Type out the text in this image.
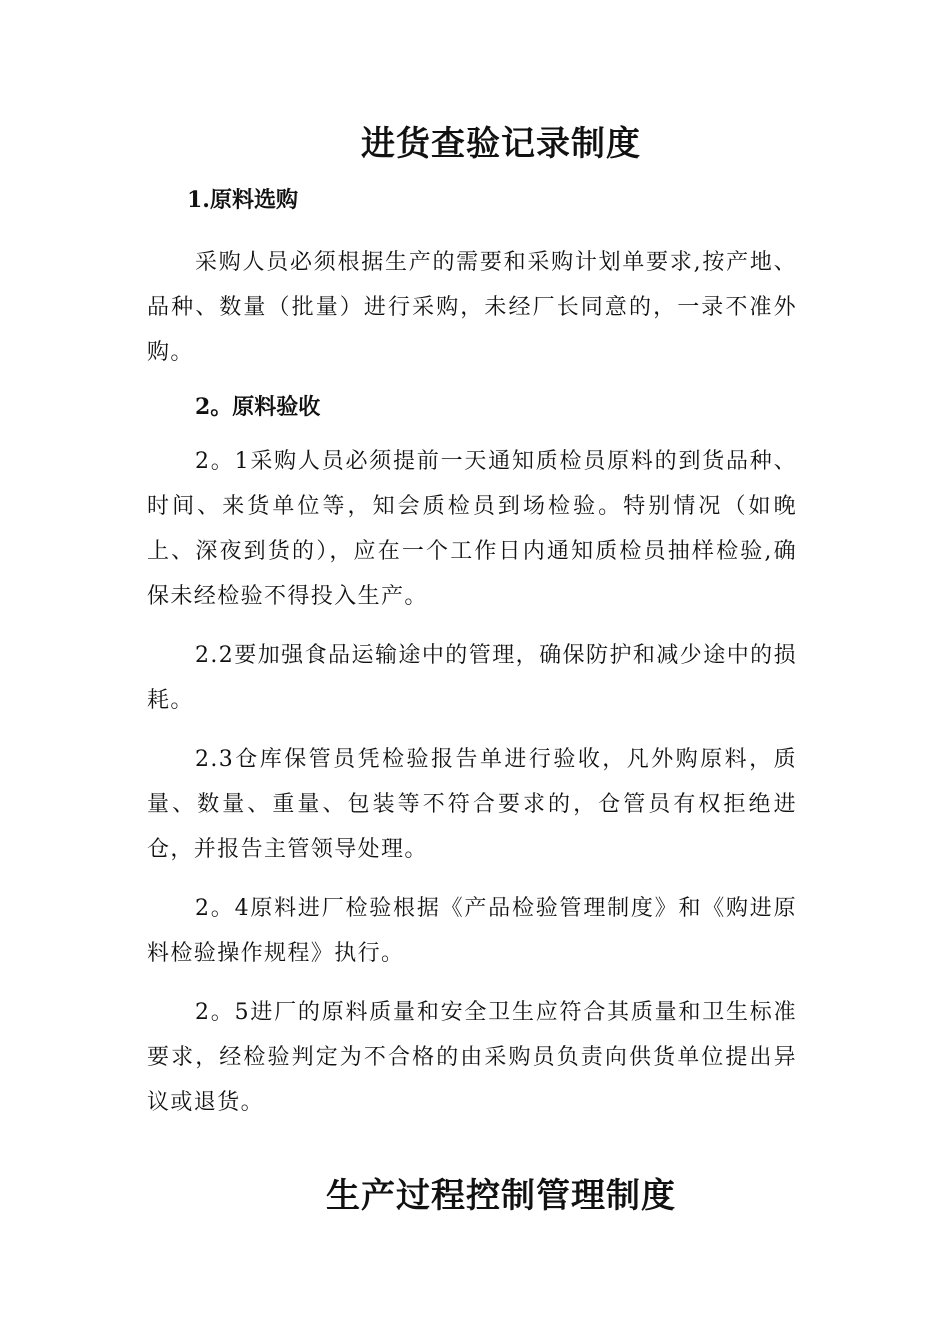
进货查验记录制度

1.原料选购

采购人员必须根据生产的需要和采购计划单要求,按产地、品种、数量（批量）进行采购，未经厂长同意的，一录不准外购。

2。原料验收

2。1采购人员必须提前一天通知质检员原料的到货品种、时间、来货单位等，知会质检员到场检验。特别情况（如晚上、深夜到货的），应在一个工作日内通知质检员抽样检验,确保未经检验不得投入生产。

2.2要加强食品运输途中的管理，确保防护和减少途中的损耗。

2.3仓库保管员凭检验报告单进行验收，凡外购原料，质量、数量、重量、包装等不符合要求的，仓管员有权拒绝进仓，并报告主管领导处理。

2。4原料进厂检验根据《产品检验管理制度》和《购进原料检验操作规程》执行。

2。5进厂的原料质量和安全卫生应符合其质量和卫生标准要求，经检验判定为不合格的由采购员负责向供货单位提出异议或退货。

生产过程控制管理制度
